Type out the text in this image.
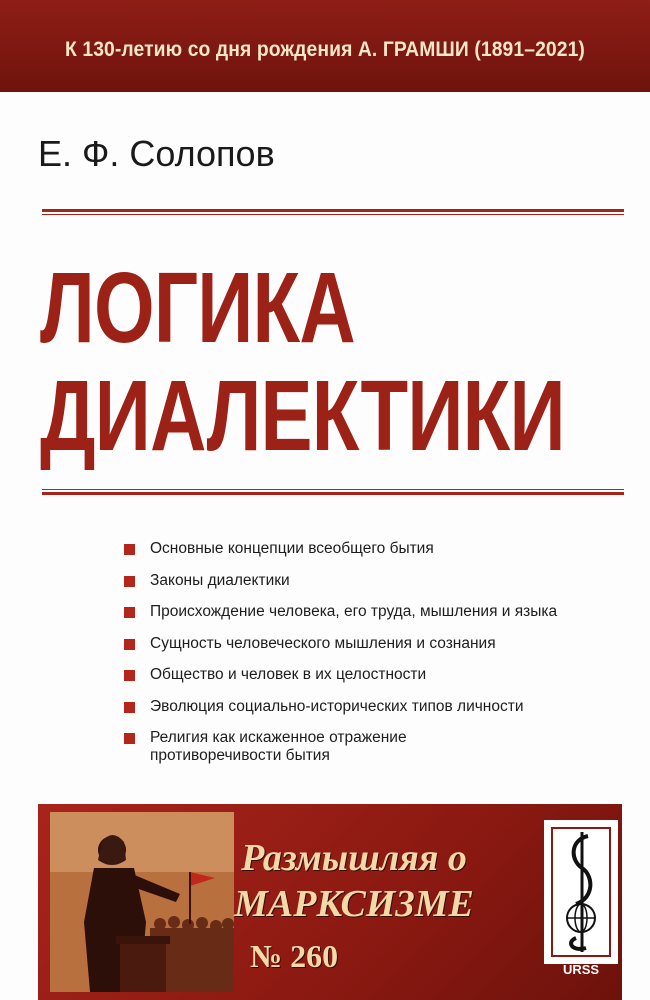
К 130-летию со дня рождения А. ГРАМШИ (1891–2021)
Е. Ф. Солопов
ЛОГИКА
ДИАЛЕКТИКИ

Основные концепции всеобщего бытия

Законы диалектики

Происхождение человека, его труда, мышления и языка

Сущность человеческого мышления и сознания

Общество и человек в их целостности

Эволюция социально-исторических типов личности

Религия как искаженное отражение
противоречивости бытия

Размышляя о
МАРКСИЗМЕ
№ 260	URSS
